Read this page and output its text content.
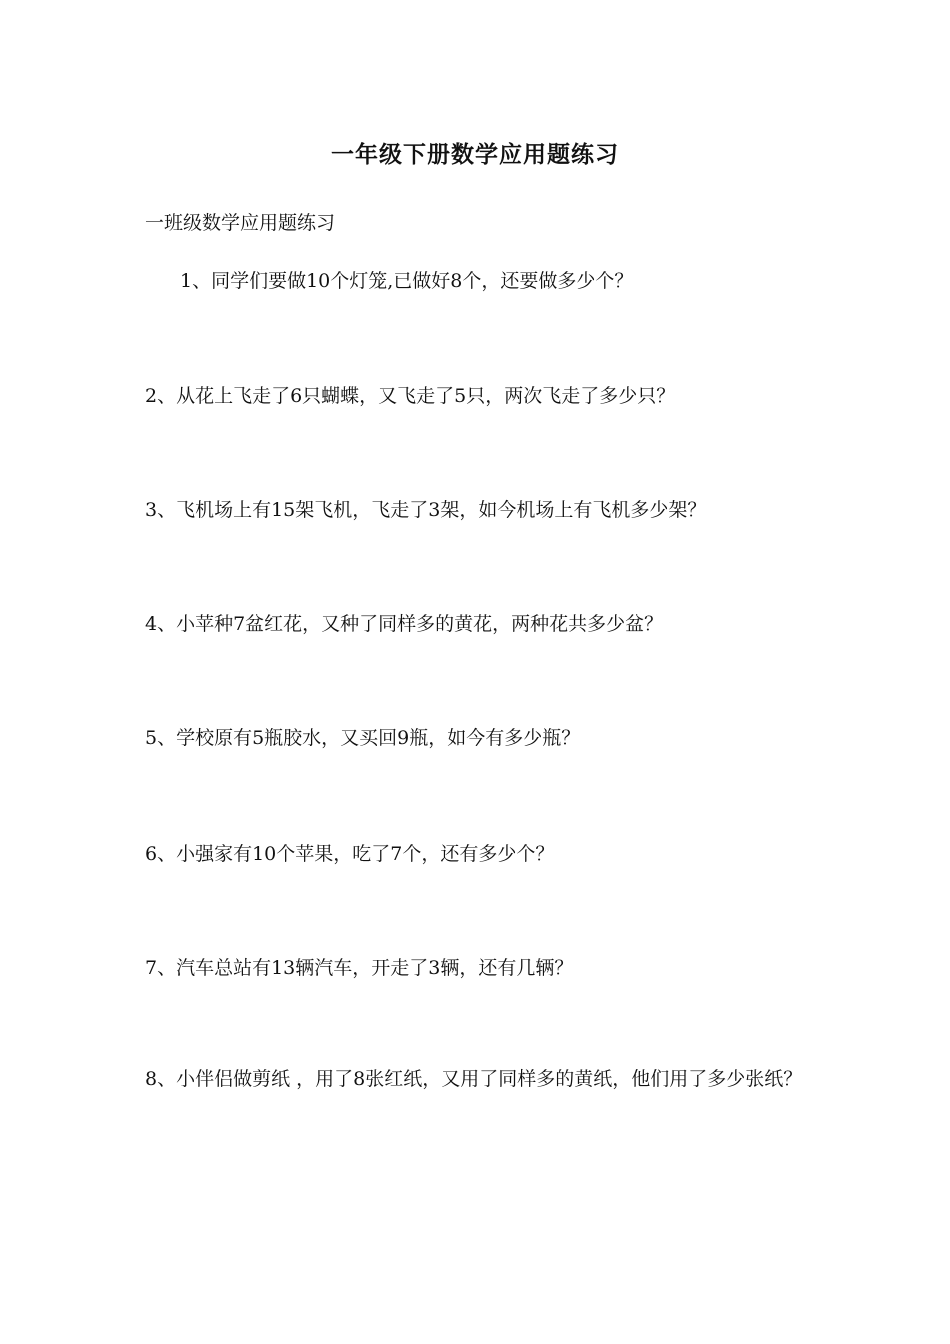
一年级下册数学应用题练习
一班级数学应用题练习
1、同学们要做10个灯笼,已做好8个，还要做多少个？
2、从花上飞走了6只蝴蝶，又飞走了5只，两次飞走了多少只？
3、飞机场上有15架飞机，飞走了3架，如今机场上有飞机多少架？
4、小苹种7盆红花，又种了同样多的黄花，两种花共多少盆？
5、学校原有5瓶胶水，又买回9瓶，如今有多少瓶？
6、小强家有10个苹果，吃了7个，还有多少个？
7、汽车总站有13辆汽车，开走了3辆，还有几辆？
8、小伴侣做剪纸 ，用了8张红纸，又用了同样多的黄纸，他们用了多少张纸？
